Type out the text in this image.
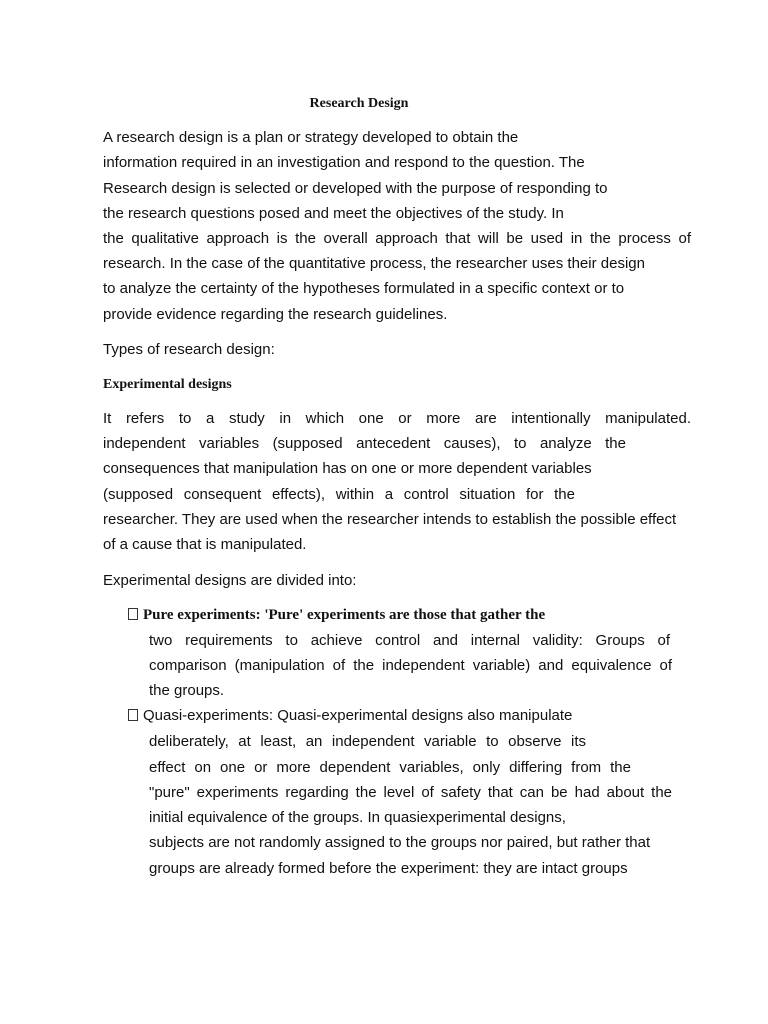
Research Design
A research design is a plan or strategy developed to obtain the
information required in an investigation and respond to the question. The
Research design is selected or developed with the purpose of responding to
the research questions posed and meet the objectives of the study. In
the qualitative approach is the overall approach that will be used in the process of
research. In the case of the quantitative process, the researcher uses their design
to analyze the certainty of the hypotheses formulated in a specific context or to
provide evidence regarding the research guidelines.
Types of research design:
Experimental designs
It refers to a study in which one or more are intentionally manipulated.
independent variables (supposed antecedent causes), to analyze the
consequences that manipulation has on one or more dependent variables
(supposed consequent effects), within a control situation for the
researcher. They are used when the researcher intends to establish the possible effect
of a cause that is manipulated.
Experimental designs are divided into:
Pure experiments: 'Pure' experiments are those that gather the
two requirements to achieve control and internal validity: Groups of
comparison (manipulation of the independent variable) and equivalence of
the groups.
Quasi-experiments: Quasi-experimental designs also manipulate
deliberately, at least, an independent variable to observe its
effect on one or more dependent variables, only differing from the
"pure" experiments regarding the level of safety that can be had about the
initial equivalence of the groups. In quasiexperimental designs,
subjects are not randomly assigned to the groups nor paired, but rather that
groups are already formed before the experiment: they are intact groups
